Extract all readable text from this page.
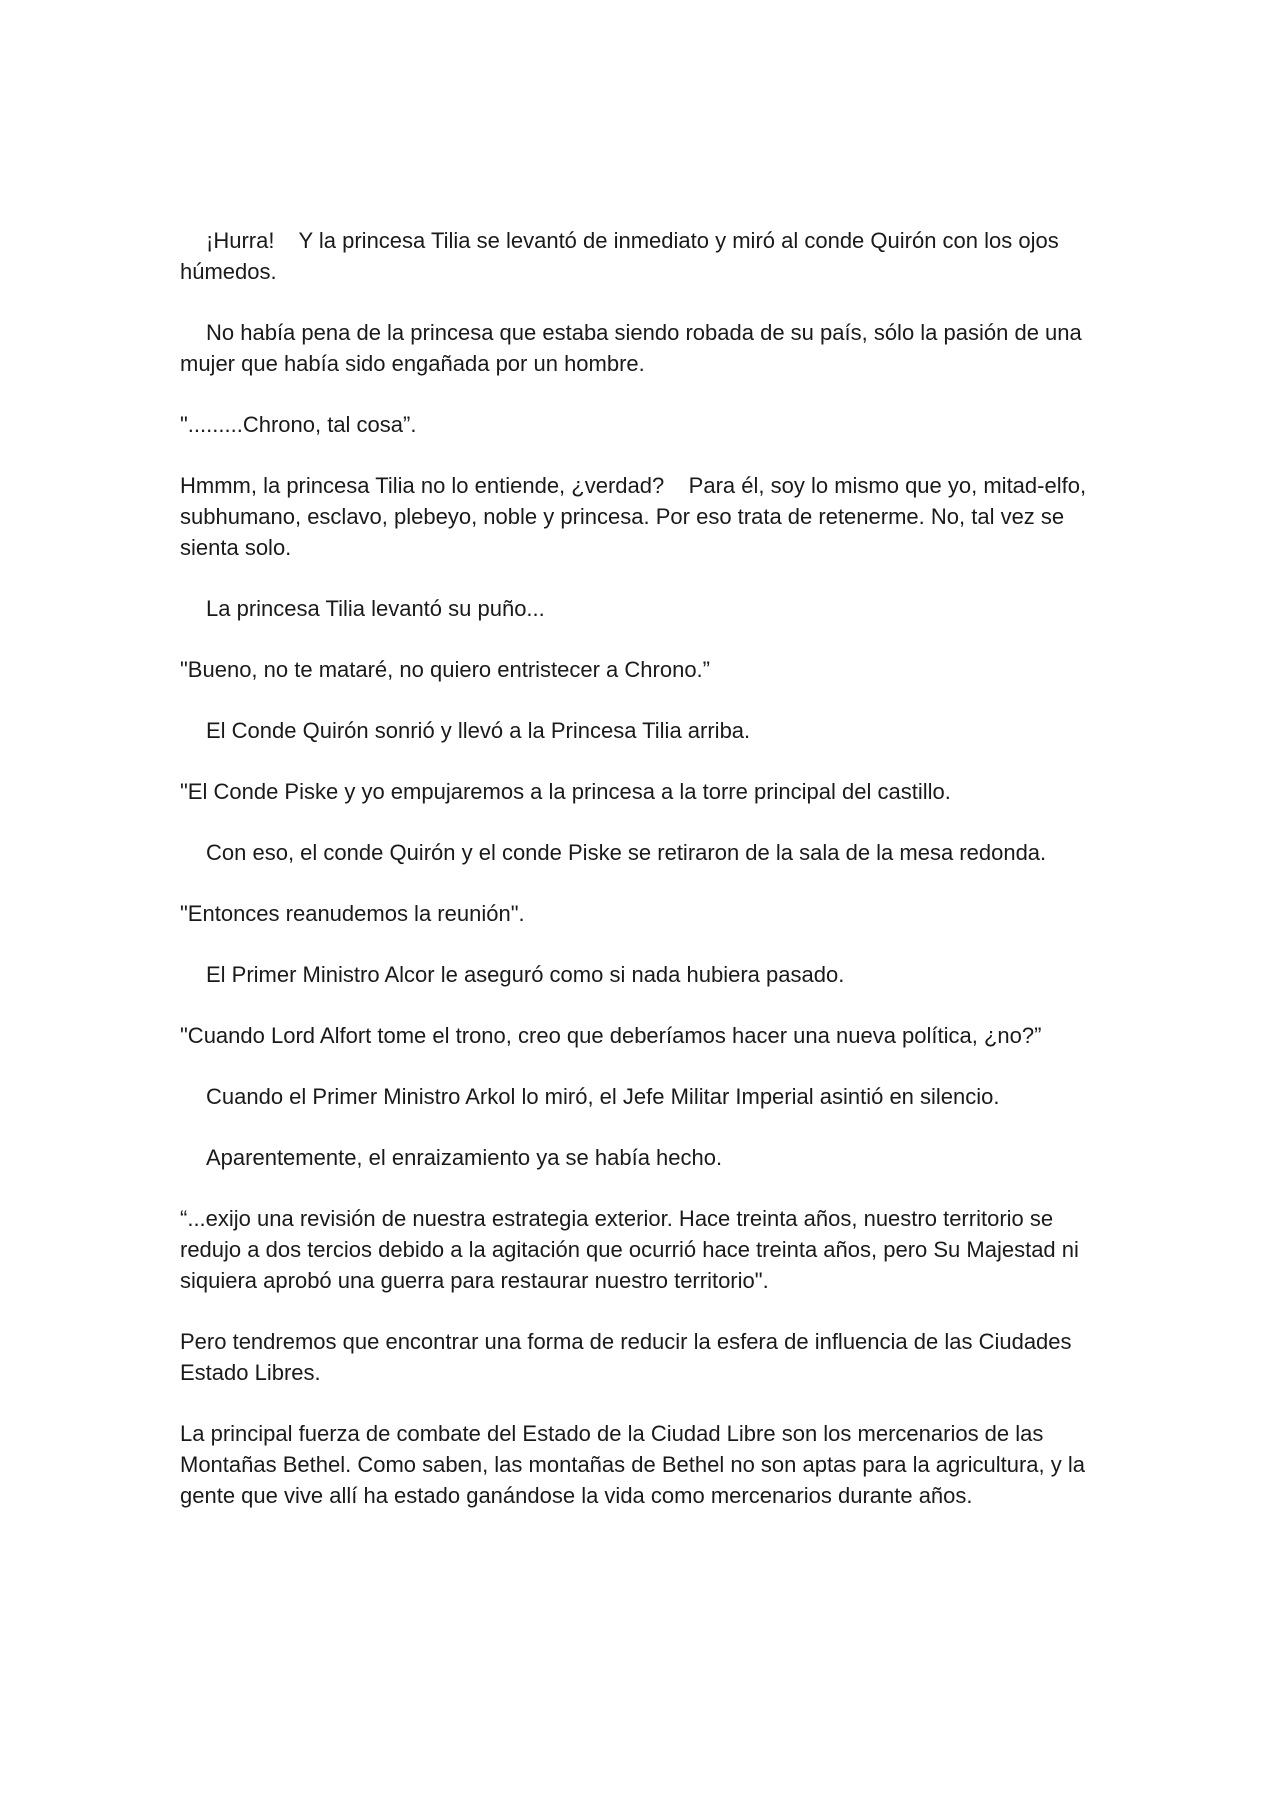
¡Hurra!    Y la princesa Tilia se levantó de inmediato y miró al conde Quirón con los ojos húmedos.

No había pena de la princesa que estaba siendo robada de su país, sólo la pasión de una mujer que había sido engañada por un hombre.

".........Chrono, tal cosa”.

Hmmm, la princesa Tilia no lo entiende, ¿verdad?    Para él, soy lo mismo que yo, mitad-elfo, subhumano, esclavo, plebeyo, noble y princesa. Por eso trata de retenerme. No, tal vez se sienta solo.

La princesa Tilia levantó su puño...

"Bueno, no te mataré, no quiero entristecer a Chrono.”

El Conde Quirón sonrió y llevó a la Princesa Tilia arriba.

"El Conde Piske y yo empujaremos a la princesa a la torre principal del castillo.

Con eso, el conde Quirón y el conde Piske se retiraron de la sala de la mesa redonda.

"Entonces reanudemos la reunión".

El Primer Ministro Alcor le aseguró como si nada hubiera pasado.

"Cuando Lord Alfort tome el trono, creo que deberíamos hacer una nueva política, ¿no?”

Cuando el Primer Ministro Arkol lo miró, el Jefe Militar Imperial asintió en silencio.

Aparentemente, el enraizamiento ya se había hecho.

“...exijo una revisión de nuestra estrategia exterior. Hace treinta años, nuestro territorio se redujo a dos tercios debido a la agitación que ocurrió hace treinta años, pero Su Majestad ni siquiera aprobó una guerra para restaurar nuestro territorio".

Pero tendremos que encontrar una forma de reducir la esfera de influencia de las Ciudades Estado Libres.

La principal fuerza de combate del Estado de la Ciudad Libre son los mercenarios de las Montañas Bethel. Como saben, las montañas de Bethel no son aptas para la agricultura, y la gente que vive allí ha estado ganándose la vida como mercenarios durante años.
